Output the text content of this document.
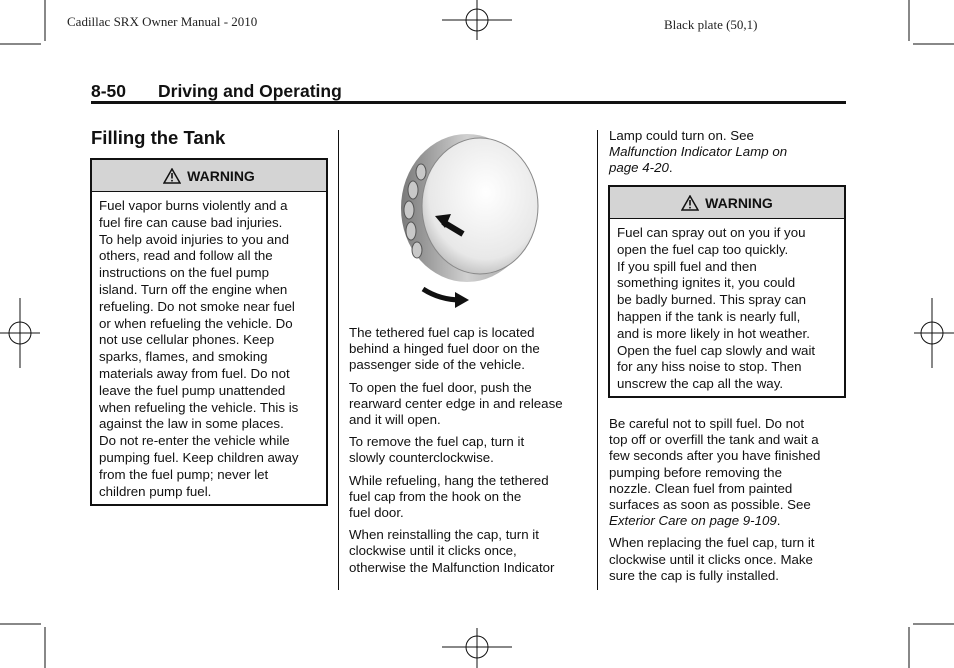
Cadillac SRX Owner Manual - 2010	Black plate (50,1)
8-50 Driving and Operating
Filling the Tank
WARNING
Fuel vapor burns violently and a
fuel fire can cause bad injuries.
To help avoid injuries to you and
others, read and follow all the
instructions on the fuel pump
island. Turn off the engine when
refueling. Do not smoke near fuel
or when refueling the vehicle. Do
not use cellular phones. Keep
sparks, flames, and smoking
materials away from fuel. Do not
leave the fuel pump unattended
when refueling the vehicle. This is
against the law in some places.
Do not re-enter the vehicle while
pumping fuel. Keep children away
from the fuel pump; never let
children pump fuel.

The tethered fuel cap is located
behind a hinged fuel door on the
passenger side of the vehicle.

To open the fuel door, push the
rearward center edge in and release
and it will open.

To remove the fuel cap, turn it
slowly counterclockwise.

While refueling, hang the tethered
fuel cap from the hook on the
fuel door.

When reinstalling the cap, turn it
clockwise until it clicks once,
otherwise the Malfunction Indicator

Lamp could turn on. See
Malfunction Indicator Lamp on
page 4-20.

WARNING
Fuel can spray out on you if you
open the fuel cap too quickly.
If you spill fuel and then
something ignites it, you could
be badly burned. This spray can
happen if the tank is nearly full,
and is more likely in hot weather.
Open the fuel cap slowly and wait
for any hiss noise to stop. Then
unscrew the cap all the way.

Be careful not to spill fuel. Do not
top off or overfill the tank and wait a
few seconds after you have finished
pumping before removing the
nozzle. Clean fuel from painted
surfaces as soon as possible. See
Exterior Care on page 9-109.

When replacing the fuel cap, turn it
clockwise until it clicks once. Make
sure the cap is fully installed.
